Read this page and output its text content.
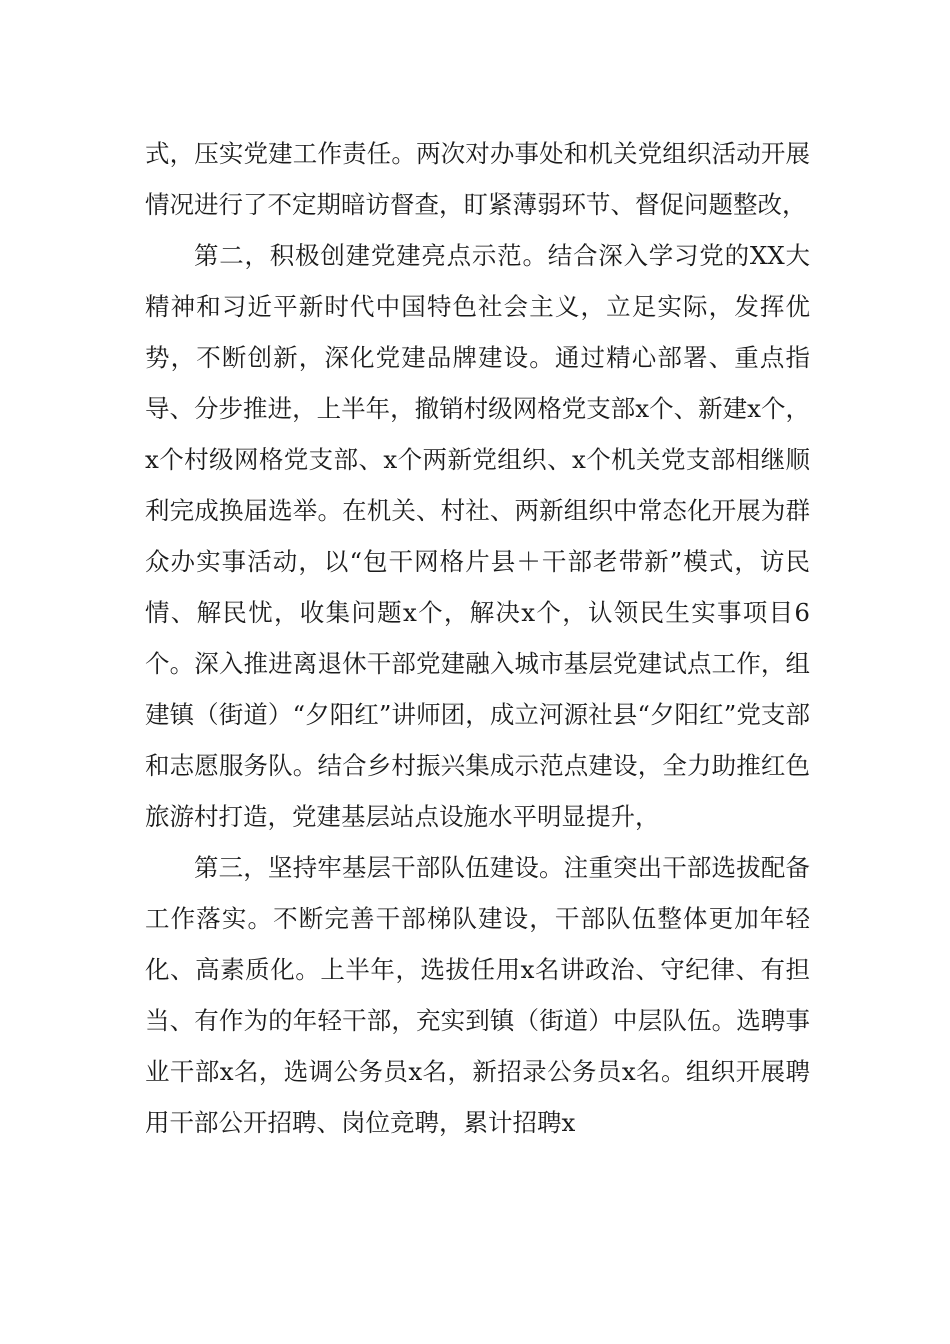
式，压实党建工作责任。两次对办事处和机关党组织活动开展情况进行了不定期暗访督查，盯紧薄弱环节、督促问题整改，

第二，积极创建党建亮点示范。结合深入学习党的XX大精神和习近平新时代中国特色社会主义，立足实际，发挥优势，不断创新，深化党建品牌建设。通过精心部署、重点指导、分步推进，上半年，撤销村级网格党支部x个、新建x个，x个村级网格党支部、x个两新党组织、x个机关党支部相继顺利完成换届选举。在机关、村社、两新组织中常态化开展为群众办实事活动，以“包干网格片县＋干部老带新”模式，访民情、解民忧，收集问题x个，解决x个，认领民生实事项目6个。深入推进离退休干部党建融入城市基层党建试点工作，组建镇（街道）“夕阳红”讲师团，成立河源社县“夕阳红”党支部和志愿服务队。结合乡村振兴集成示范点建设，全力助推红色旅游村打造，党建基层站点设施水平明显提升，

第三，坚持牢基层干部队伍建设。注重突出干部选拔配备工作落实。不断完善干部梯队建设，干部队伍整体更加年轻化、高素质化。上半年，选拔任用x名讲政治、守纪律、有担当、有作为的年轻干部，充实到镇（街道）中层队伍。选聘事业干部x名，选调公务员x名，新招录公务员x名。组织开展聘用干部公开招聘、岗位竞聘，累计招聘x
